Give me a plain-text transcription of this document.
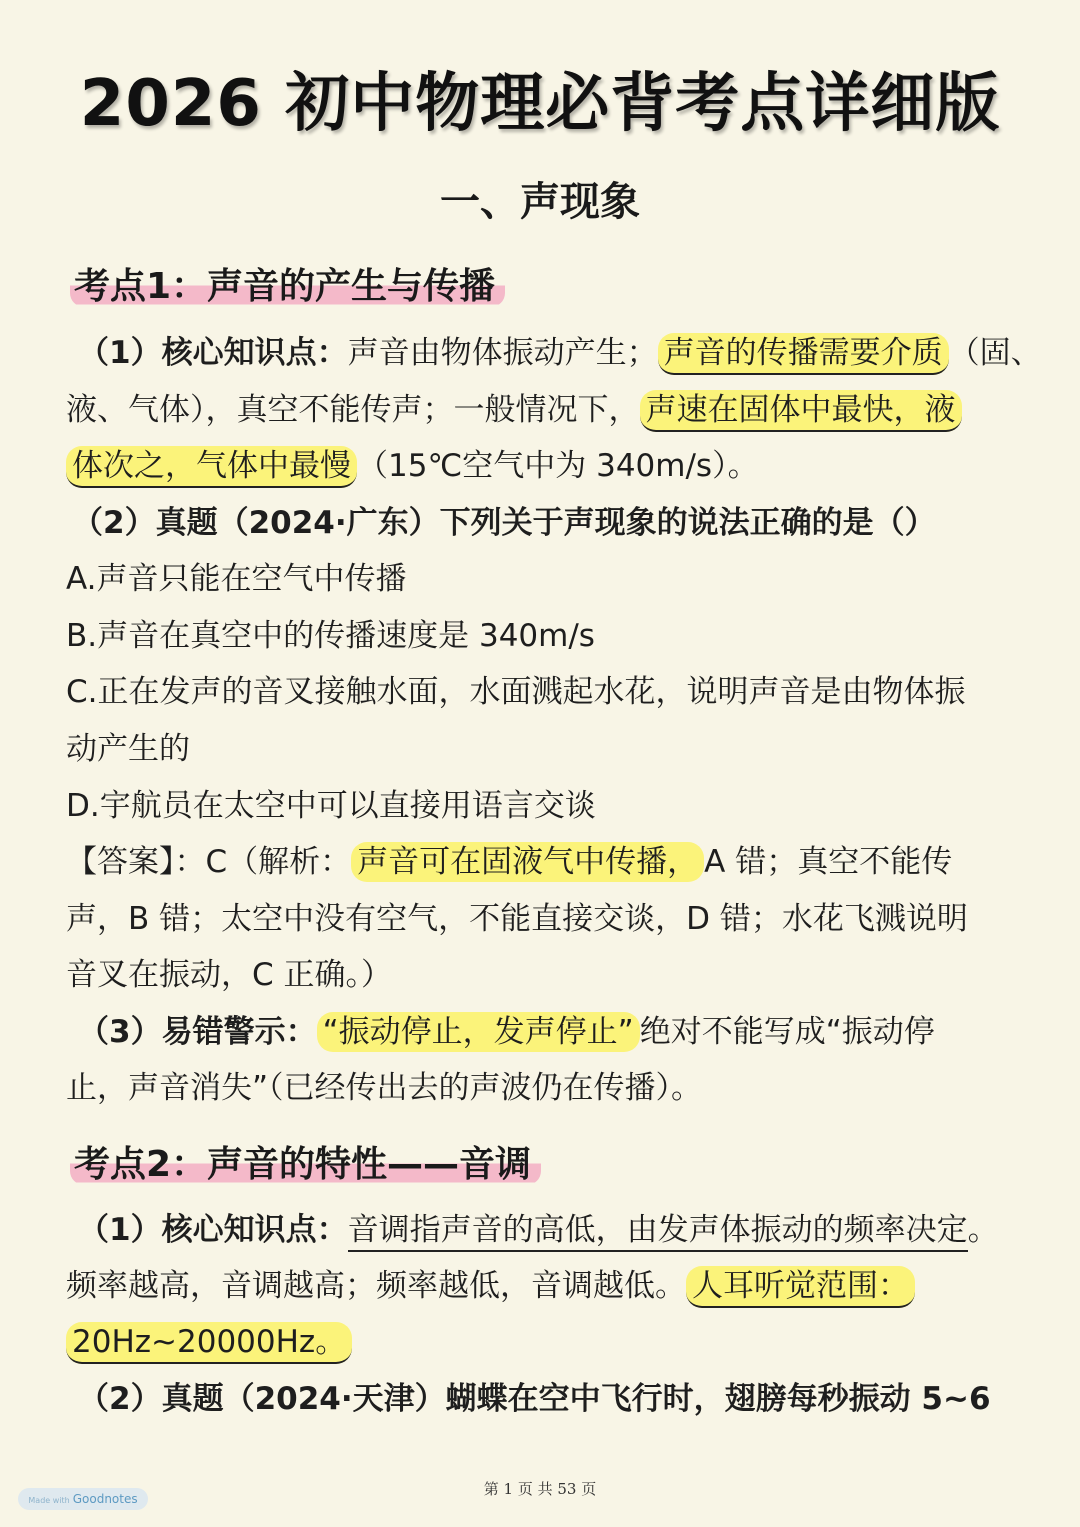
2026 初中物理必背考点详细版
一、声现象
考点1：声音的产生与传播
（1）核心知识点：声音由物体振动产生； 声音的传播需要介质 （固、
液、气体），真空不能传声；一般情况下， 声速在固体中最快，液
体次之，气体中最慢 （15℃空气中为 340m/s）。
（2）真题（2024·广东）下列关于声现象的说法正确的是（）
A.声音只能在空气中传播
B.声音在真空中的传播速度是 340m/s
C.正在发声的音叉接触水面，水面溅起水花，说明声音是由物体振
动产生的
D.宇航员在太空中可以直接用语言交谈
【答案】：C（解析： 声音可在固液气中传播， A 错；真空不能传
声，B 错；太空中没有空气，不能直接交谈，D 错；水花飞溅说明
音叉在振动，C 正确。）
（3）易错警示： “振动停止，发声停止” 绝对不能写成“振动停
止，声音消失”（已经传出去的声波仍在传播）。
考点2：声音的特性——音调
（1）核心知识点：音调指声音的高低，由发声体振动的频率决定。
频率越高，音调越高；频率越低，音调越低。 人耳听觉范围：
20Hz~20000Hz。
（2）真题（2024·天津）蝴蝶在空中飞行时，翅膀每秒振动 5~6
第 1 页 共 53 页
Made with Goodnotes
